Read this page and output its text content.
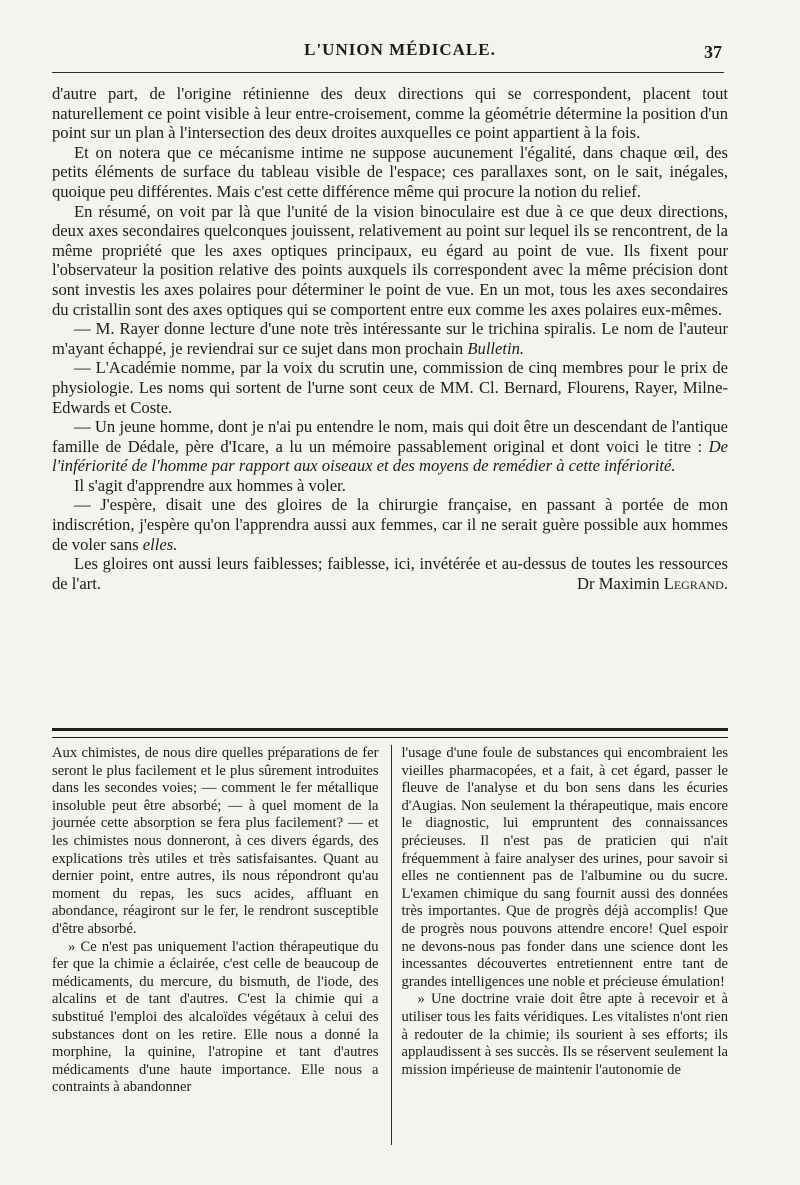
L'UNION MÉDICALE.	37

d'autre part, de l'origine rétinienne des deux directions qui se correspondent, placent tout naturellement ce point visible à leur entre-croisement, comme la géométrie détermine la position d'un point sur un plan à l'intersection des deux droites auxquelles ce point appartient à la fois.

Et on notera que ce mécanisme intime ne suppose aucunement l'égalité, dans chaque œil, des petits éléments de surface du tableau visible de l'espace; ces parallaxes sont, on le sait, inégales, quoique peu différentes. Mais c'est cette différence même qui procure la notion du relief.

En résumé, on voit par là que l'unité de la vision binoculaire est due à ce que deux directions, deux axes secondaires quelconques jouissent, relativement au point sur lequel ils se rencontrent, de la même propriété que les axes optiques principaux, eu égard au point de vue. Ils fixent pour l'observateur la position relative des points auxquels ils correspondent avec la même précision dont sont investis les axes polaires pour déterminer le point de vue. En un mot, tous les axes secondaires du cristallin sont des axes optiques qui se comportent entre eux comme les axes polaires eux-mêmes.

— M. Rayer donne lecture d'une note très intéressante sur le trichina spiralis. Le nom de l'auteur m'ayant échappé, je reviendrai sur ce sujet dans mon prochain Bulletin.

— L'Académie nomme, par la voix du scrutin une, commission de cinq membres pour le prix de physiologie. Les noms qui sortent de l'urne sont ceux de MM. Cl. Bernard, Flourens, Rayer, Milne-Edwards et Coste.

— Un jeune homme, dont je n'ai pu entendre le nom, mais qui doit être un descendant de l'antique famille de Dédale, père d'Icare, a lu un mémoire passablement original et dont voici le titre : De l'infériorité de l'homme par rapport aux oiseaux et des moyens de remédier à cette infériorité.

Il s'agit d'apprendre aux hommes à voler.

— J'espère, disait une des gloires de la chirurgie française, en passant à portée de mon indiscrétion, j'espère qu'on l'apprendra aussi aux femmes, car il ne serait guère possible aux hommes de voler sans elles.

Les gloires ont aussi leurs faiblesses; faiblesse, ici, invétérée et au-dessus de toutes les ressources de l'art.	Dr Maximin Legrand.

Aux chimistes, de nous dire quelles préparations de fer seront le plus facilement et le plus sûrement introduites dans les secondes voies; — comment le fer métallique insoluble peut être absorbé; — à quel moment de la journée cette absorption se fera plus facilement? — et les chimistes nous donneront, à ces divers égards, des explications très utiles et très satisfaisantes. Quant au dernier point, entre autres, ils nous répondront qu'au moment du repas, les sucs acides, affluant en abondance, réagiront sur le fer, le rendront susceptible d'être absorbé.

» Ce n'est pas uniquement l'action thérapeutique du fer que la chimie a éclairée, c'est celle de beaucoup de médicaments, du mercure, du bismuth, de l'iode, des alcalins et de tant d'autres. C'est la chimie qui a substitué l'emploi des alcaloïdes végétaux à celui des substances dont on les retire. Elle nous a donné la morphine, la quinine, l'atropine et tant d'autres médicaments d'une haute importance. Elle nous a contraints à abandonner

l'usage d'une foule de substances qui encombraient les vieilles pharmacopées, et a fait, à cet égard, passer le fleuve de l'analyse et du bon sens dans les écuries d'Augias. Non seulement la thérapeutique, mais encore le diagnostic, lui empruntent des connaissances précieuses. Il n'est pas de praticien qui n'ait fréquemment à faire analyser des urines, pour savoir si elles ne contiennent pas de l'albumine ou du sucre. L'examen chimique du sang fournit aussi des données très importantes. Que de progrès déjà accomplis! Que de progrès nous pouvons attendre encore! Quel espoir ne devons-nous pas fonder dans une science dont les incessantes découvertes entretiennent entre tant de grandes intelligences une noble et précieuse émulation!

» Une doctrine vraie doit être apte à recevoir et à utiliser tous les faits véridiques. Les vitalistes n'ont rien à redouter de la chimie; ils sourient à ses efforts; ils applaudissent à ses succès. Ils se réservent seulement la mission impérieuse de maintenir l'autonomie de
